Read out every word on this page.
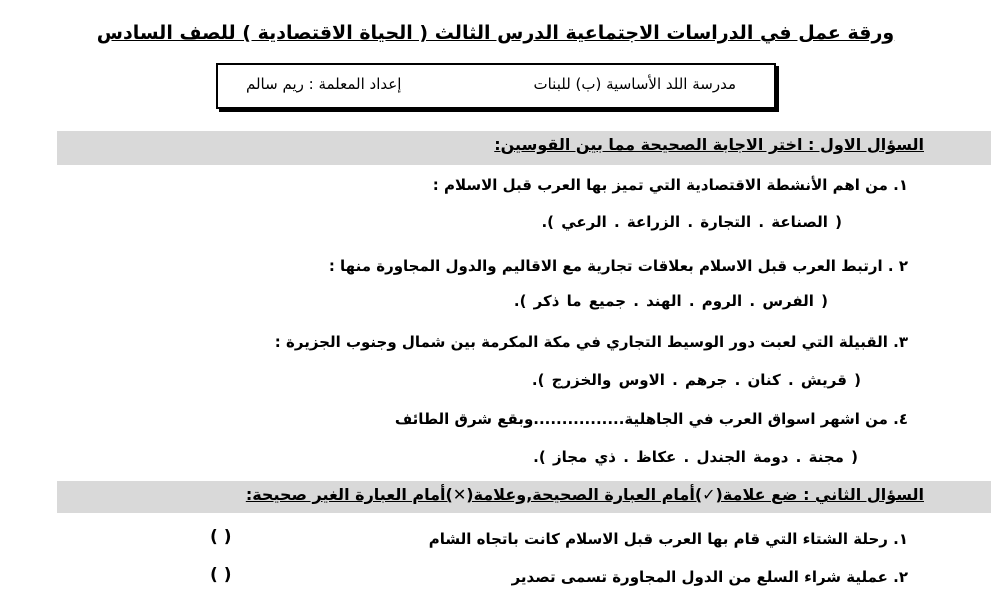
ورقة عمل في الدراسات الاجتماعية الدرس الثالث ( الحياة الاقتصادية ) للصف السادس
مدرسة اللد الأساسية (ب) للبنات
إعداد المعلمة : ريم سالم
السؤال الاول : اختر الاجابة الصحيحة مما بين القوسين:
١. من اهم الأنشطة الاقتصادية التي تميز بها العرب قبل الاسلام :
( الصناعة . التجارة . الزراعة . الرعي ).
٢ . ارتبط العرب قبل الاسلام بعلاقات تجارية مع الاقاليم والدول المجاورة منها :
( الفرس . الروم . الهند . جميع ما ذكر ).
٣. القبيلة التي لعبت دور الوسيط التجاري في مكة المكرمة بين شمال وجنوب الجزيرة :
( قريش . كنان . جرهم . الاوس والخزرج ).
٤. من اشهر اسواق العرب في الجاهلية................وبقع شرق الطائف
( مجنة . دومة الجندل . عكاظ . ذي مجاز ).
السؤال الثاني : ضع علامة(✓)أمام العبارة الصحيحة,وعلامة(✕)أمام العبارة الغير صحيحة:
١. رحلة الشتاء التي قام بها العرب قبل الاسلام كانت باتجاه الشام
( )
٢. عملية شراء السلع من الدول المجاورة تسمى تصدير
( )
